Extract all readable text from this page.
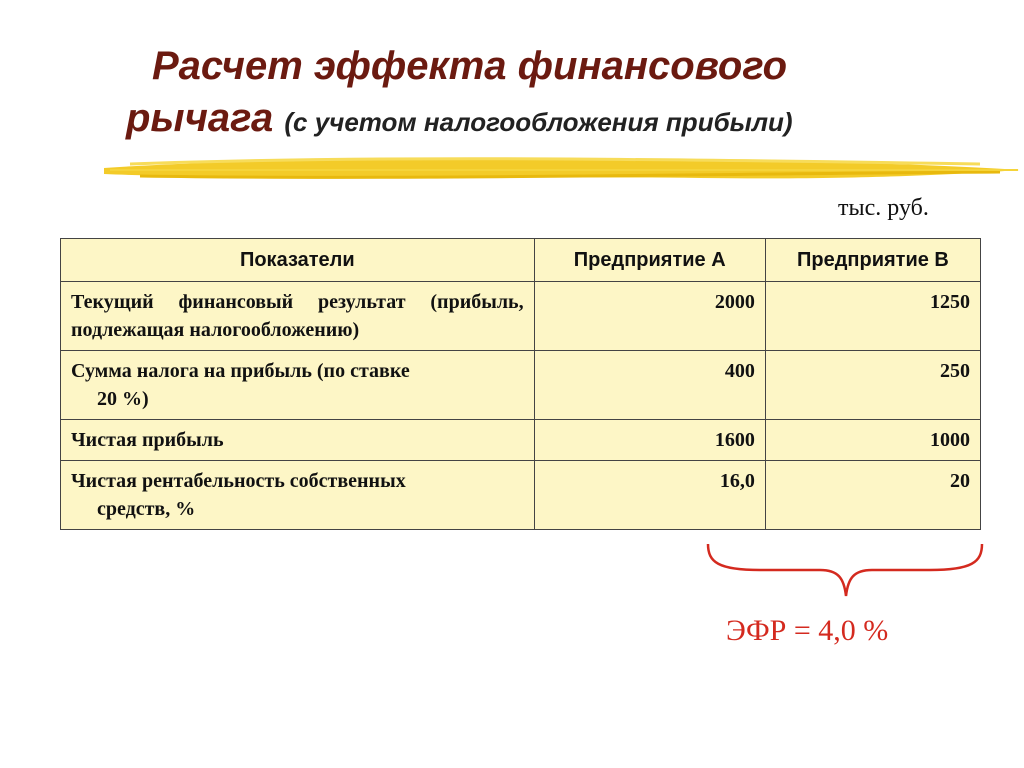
Расчет эффекта финансового
рычага (с учетом налогообложения прибыли)
тыс. руб.
Показатели	Предприятие А	Предприятие В
Текущий финансовый результат (прибыль, подлежащая налогообложению)	2000	1250
Сумма налога на прибыль (по ставке
20 %)	400	250
Чистая прибыль	1600	1000
Чистая рентабельность собственных
средств, %	16,0	20
ЭФР = 4,0 %
